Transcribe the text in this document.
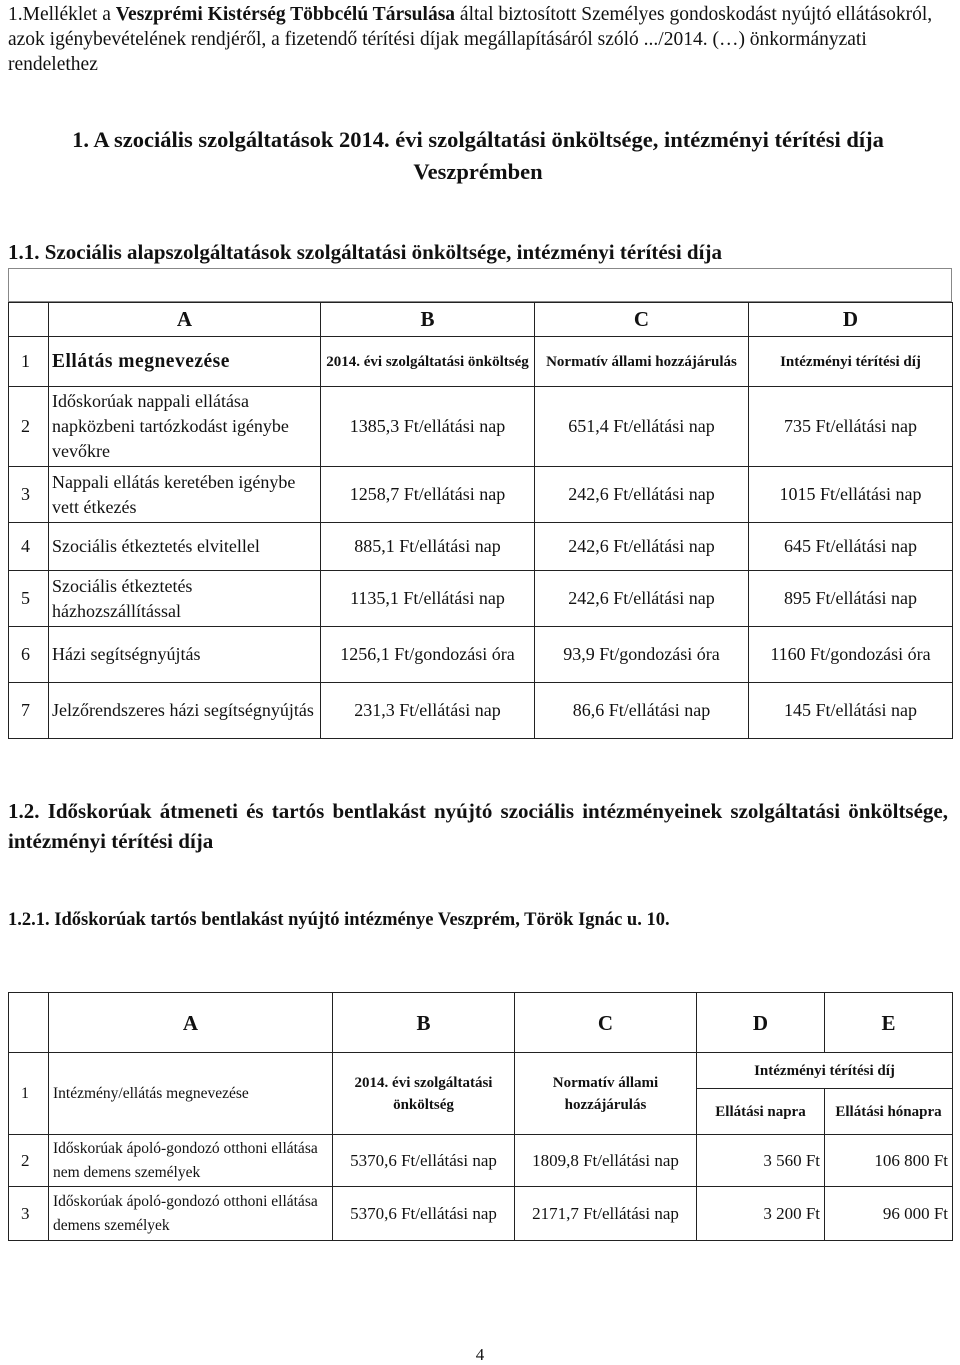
1.Melléklet a Veszprémi Kistérség Többcélú Társulása által biztosított Személyes gondoskodást nyújtó ellátásokról, azok igénybevételének rendjéről, a fizetendő térítési díjak megállapításáról szóló .../2014. (…) önkormányzati rendelethez
1. A szociális szolgáltatások 2014. évi szolgáltatási önköltsége, intézményi térítési díja Veszprémben
1.1. Szociális alapszolgáltatások szolgáltatási önköltsége, intézményi térítési díja
	A	B	C	D
1	Ellátás megnevezése	2014. évi szolgáltatási önköltség	Normatív állami hozzájárulás	Intézményi térítési díj
2	Időskorúak nappali ellátása napközbeni tartózkodást igénybe vevőkre	1385,3 Ft/ellátási nap	651,4 Ft/ellátási nap	735 Ft/ellátási nap
3	Nappali ellátás keretében igénybe vett étkezés	1258,7 Ft/ellátási nap	242,6 Ft/ellátási nap	1015 Ft/ellátási nap
4	Szociális étkeztetés elvitellel	885,1 Ft/ellátási nap	242,6 Ft/ellátási nap	645 Ft/ellátási nap
5	Szociális étkeztetés házhozszállítással	1135,1 Ft/ellátási nap	242,6 Ft/ellátási nap	895 Ft/ellátási nap
6	Házi segítségnyújtás	1256,1 Ft/gondozási óra	93,9 Ft/gondozási óra	1160 Ft/gondozási óra
7	Jelzőrendszeres házi segítségnyújtás	231,3 Ft/ellátási nap	86,6 Ft/ellátási nap	145 Ft/ellátási nap
1.2. Időskorúak átmeneti és tartós bentlakást nyújtó szociális intézményeinek szolgáltatási önköltsége, intézményi térítési díja
1.2.1. Időskorúak tartós bentlakást nyújtó intézménye Veszprém, Török Ignác u. 10.
	A	B	C	D	E
1	Intézmény/ellátás megnevezése	2014. évi szolgáltatási önköltség	Normatív állami hozzájárulás	Intézményi térítési díj	
				Ellátási napra	Ellátási hónapra
2	Időskorúak ápoló-gondozó otthoni ellátása nem demens személyek	5370,6 Ft/ellátási nap	1809,8 Ft/ellátási nap	3 560 Ft	106 800 Ft
3	Időskorúak ápoló-gondozó otthoni ellátása demens személyek	5370,6 Ft/ellátási nap	2171,7 Ft/ellátási nap	3 200 Ft	96 000 Ft
4
